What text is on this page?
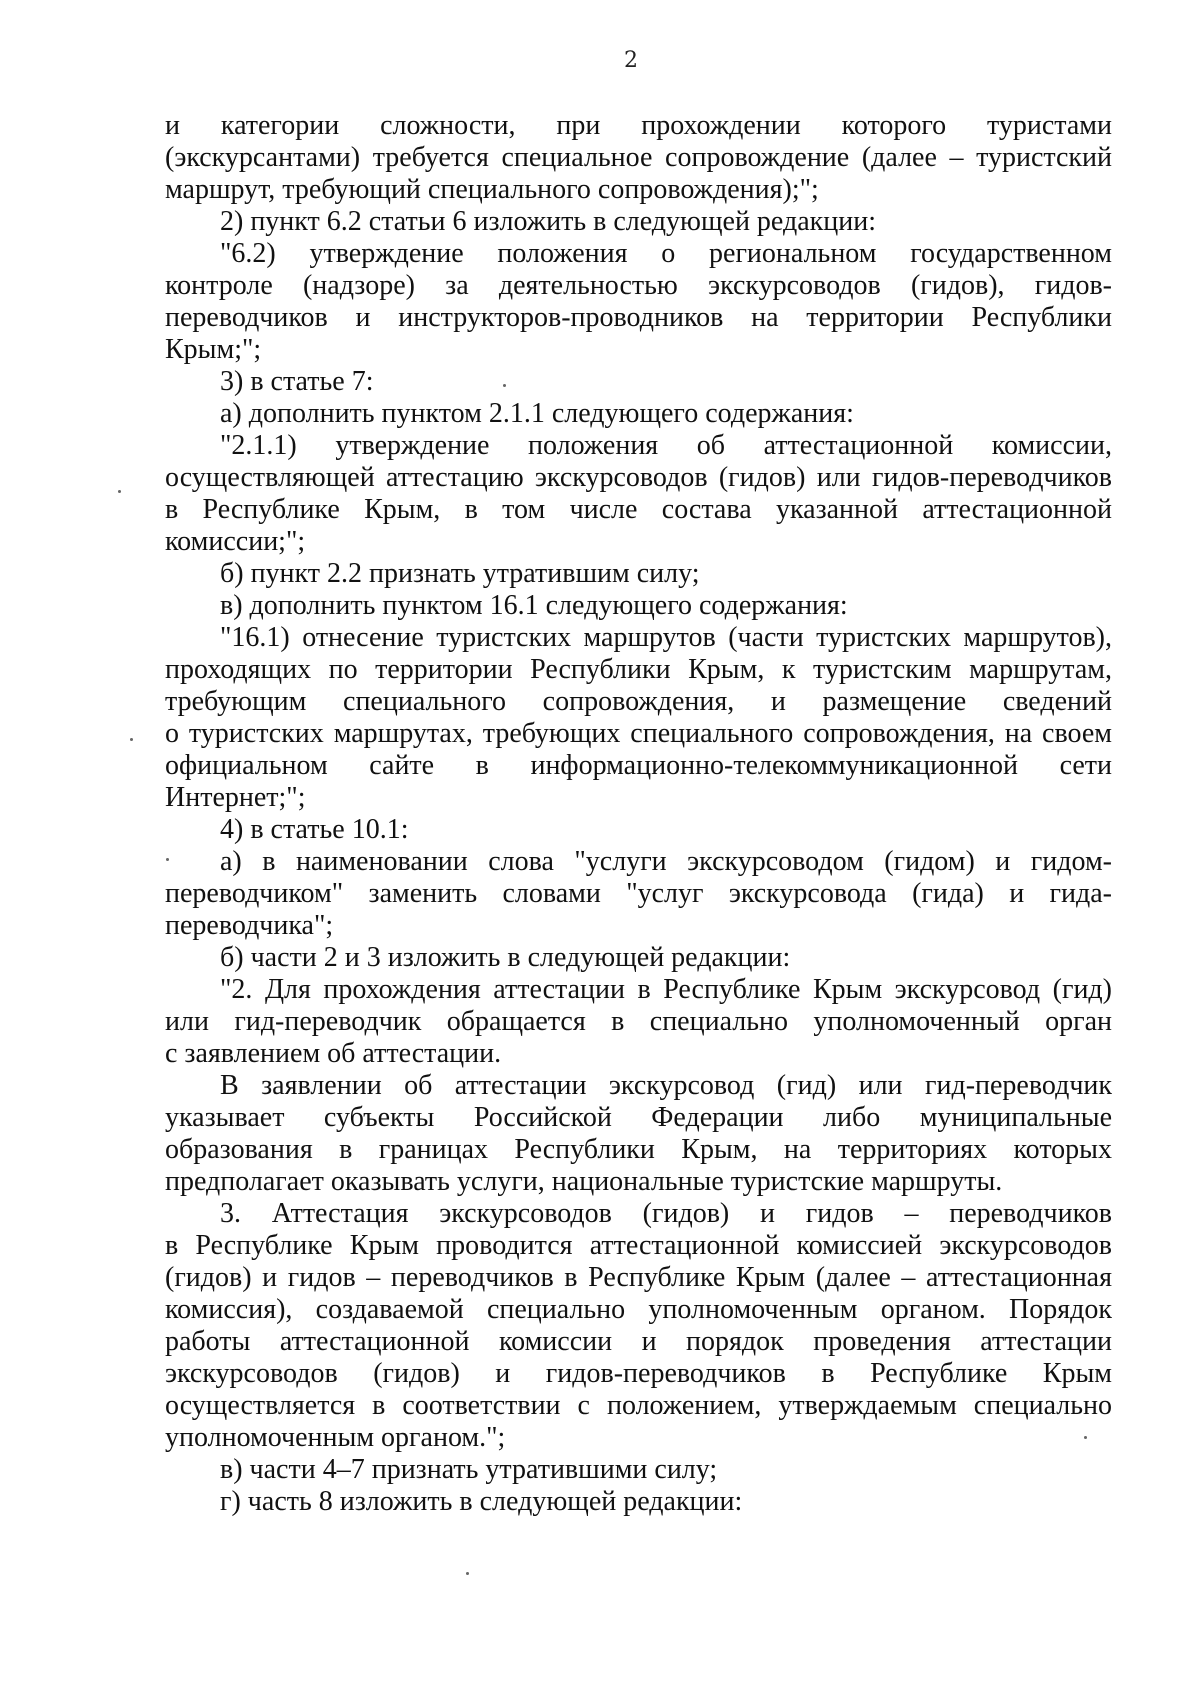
2
и категории сложности, при прохождении которого туристами
(экскурсантами) требуется специальное сопровождение (далее – туристский
маршрут, требующий специального сопровождения);";
2) пункт 6.2 статьи 6 изложить в следующей редакции:
"6.2) утверждение положения о региональном государственном
контроле (надзоре) за деятельностью экскурсоводов (гидов), гидов-
переводчиков и инструкторов-проводников на территории Республики
Крым;";
3) в статье 7:
а) дополнить пунктом 2.1.1 следующего содержания:
"2.1.1) утверждение положения об аттестационной комиссии,
осуществляющей аттестацию экскурсоводов (гидов) или гидов-переводчиков
в Республике Крым, в том числе состава указанной аттестационной
комиссии;";
б) пункт 2.2 признать утратившим силу;
в) дополнить пунктом 16.1 следующего содержания:
"16.1) отнесение туристских маршрутов (части туристских маршрутов),
проходящих по территории Республики Крым, к туристским маршрутам,
требующим специального сопровождения, и размещение сведений
о туристских маршрутах, требующих специального сопровождения, на своем
официальном сайте в информационно-телекоммуникационной сети
Интернет;";
4) в статье 10.1:
а) в наименовании слова "услуги экскурсоводом (гидом) и гидом-
переводчиком" заменить словами "услуг экскурсовода (гида) и гида-
переводчика";
б) части 2 и 3 изложить в следующей редакции:
"2. Для прохождения аттестации в Республике Крым экскурсовод (гид)
или гид-переводчик обращается в специально уполномоченный орган
с заявлением об аттестации.
В заявлении об аттестации экскурсовод (гид) или гид-переводчик
указывает субъекты Российской Федерации либо муниципальные
образования в границах Республики Крым, на территориях которых
предполагает оказывать услуги, национальные туристские маршруты.
3. Аттестация экскурсоводов (гидов) и гидов – переводчиков
в Республике Крым проводится аттестационной комиссией экскурсоводов
(гидов) и гидов – переводчиков в Республике Крым (далее – аттестационная
комиссия), создаваемой специально уполномоченным органом. Порядок
работы аттестационной комиссии и порядок проведения аттестации
экскурсоводов (гидов) и гидов-переводчиков в Республике Крым
осуществляется в соответствии с положением, утверждаемым специально
уполномоченным органом.";
в) части 4–7 признать утратившими силу;
г) часть 8 изложить в следующей редакции:
